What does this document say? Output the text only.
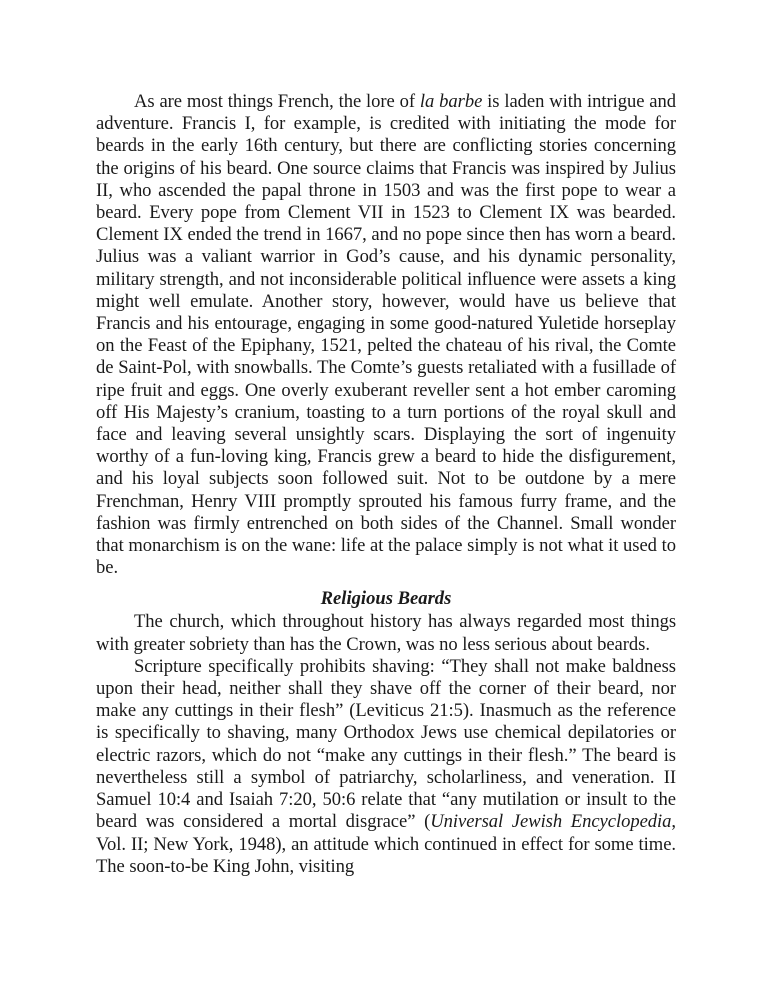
As are most things French, the lore of la barbe is laden with intrigue and adventure. Francis I, for example, is credited with initiating the mode for beards in the early 16th century, but there are conflicting stories concerning the origins of his beard. One source claims that Francis was inspired by Julius II, who ascended the papal throne in 1503 and was the first pope to wear a beard. Every pope from Clement VII in 1523 to Clement IX was bearded. Clement IX ended the trend in 1667, and no pope since then has worn a beard. Julius was a valiant warrior in God’s cause, and his dynamic personality, military strength, and not inconsiderable political influence were assets a king might well emulate. Another story, however, would have us believe that Francis and his entourage, engaging in some good-natured Yuletide horseplay on the Feast of the Epiphany, 1521, pelted the chateau of his rival, the Comte de Saint-Pol, with snowballs. The Comte’s guests retaliated with a fusillade of ripe fruit and eggs. One overly exuberant reveller sent a hot ember caroming off His Majesty’s cranium, toasting to a turn portions of the royal skull and face and leaving several unsightly scars. Displaying the sort of ingenuity worthy of a fun-loving king, Francis grew a beard to hide the disfigurement, and his loyal subjects soon followed suit. Not to be outdone by a mere Frenchman, Henry VIII promptly sprouted his famous furry frame, and the fashion was firmly entrenched on both sides of the Channel. Small wonder that monarchism is on the wane: life at the palace simply is not what it used to be.

Religious Beards

The church, which throughout history has always regarded most things with greater sobriety than has the Crown, was no less serious about beards.

Scripture specifically prohibits shaving: “They shall not make baldness upon their head, neither shall they shave off the corner of their beard, nor make any cuttings in their flesh” (Leviticus 21:5). Inasmuch as the reference is specifically to shaving, many Orthodox Jews use chemical depilatories or electric razors, which do not “make any cuttings in their flesh.” The beard is nevertheless still a symbol of patriarchy, scholarliness, and veneration. II Samuel 10:4 and Isaiah 7:20, 50:6 relate that “any mutilation or insult to the beard was considered a mortal disgrace” (Universal Jewish Encyclopedia, Vol. II; New York, 1948), an attitude which continued in effect for some time. The soon-to-be King John, visiting
